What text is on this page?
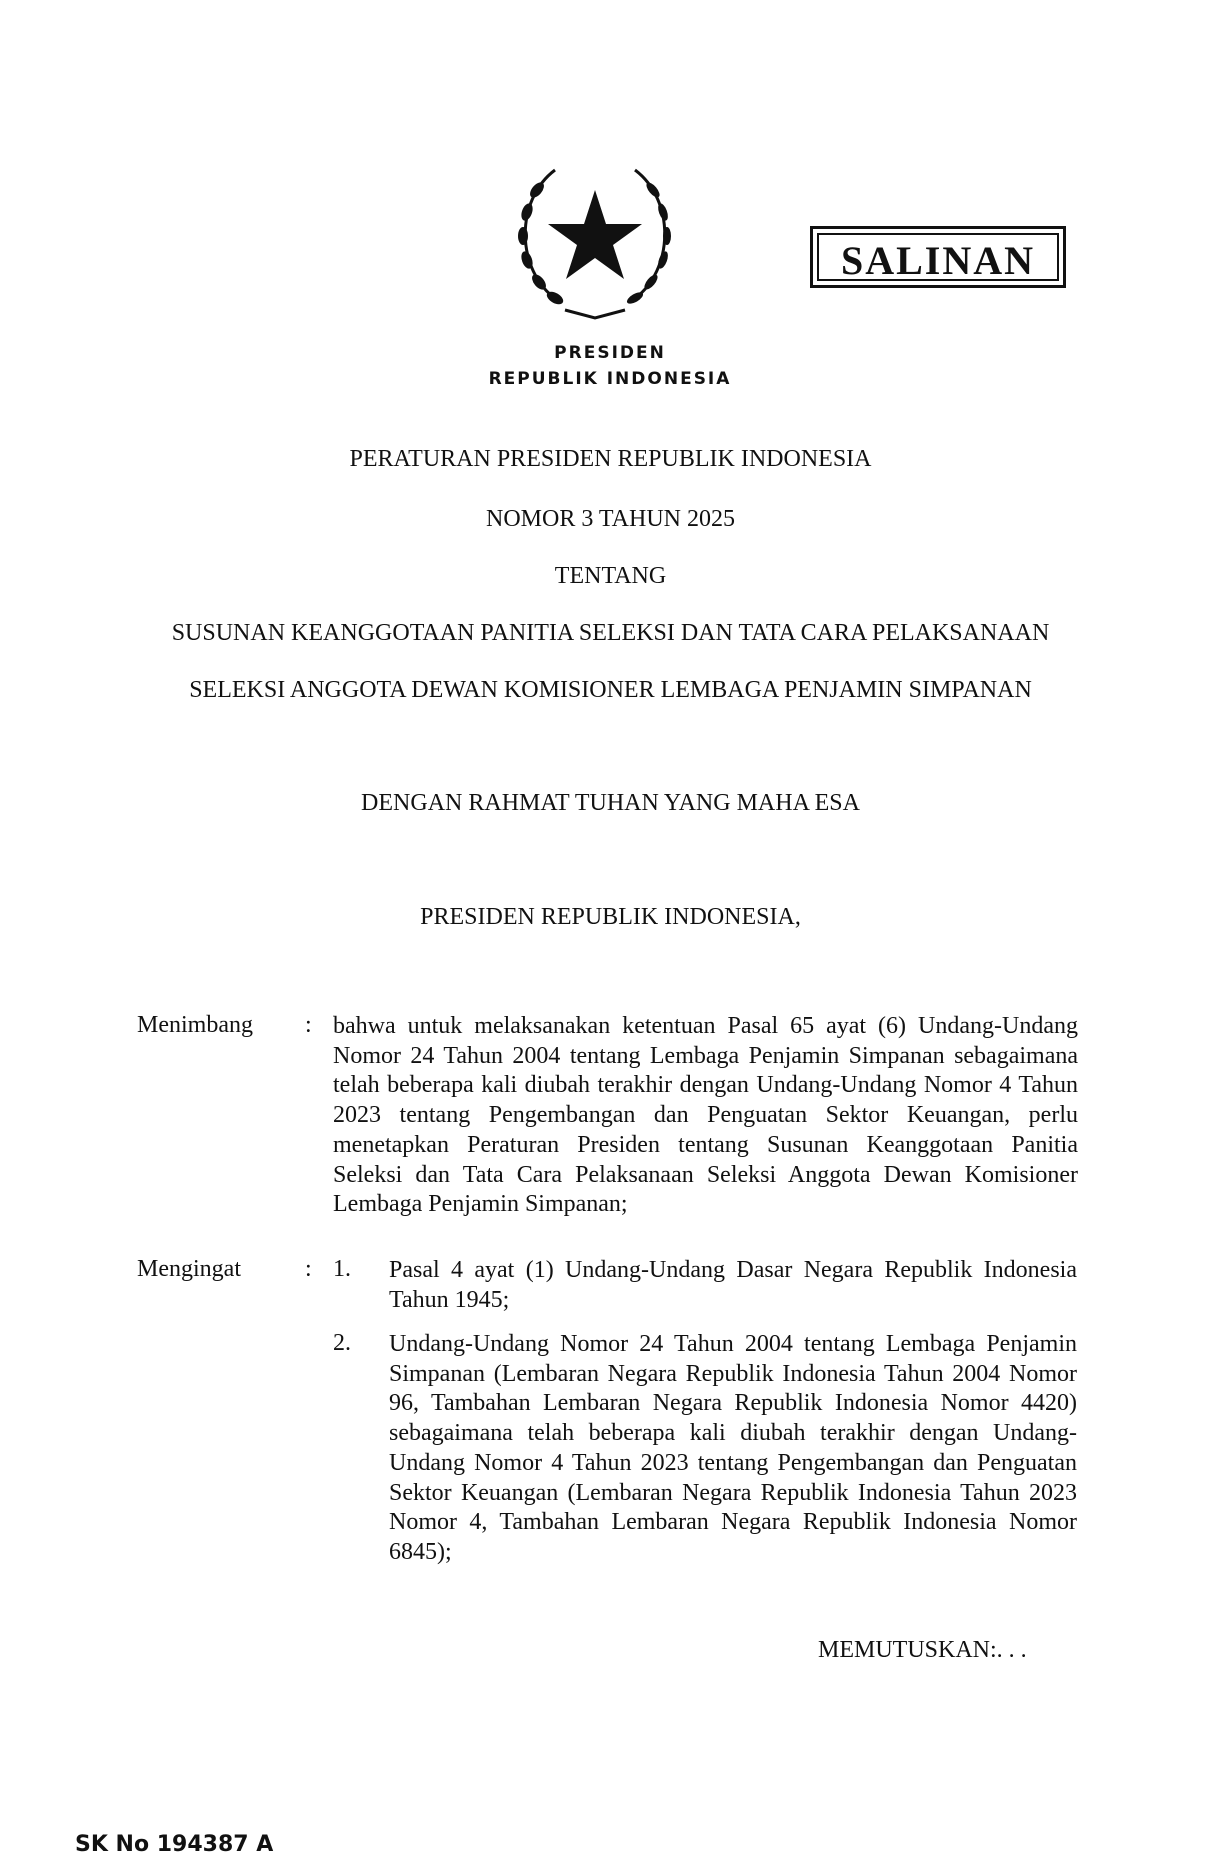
SALINAN
PRESIDEN
REPUBLIK INDONESIA
PERATURAN PRESIDEN REPUBLIK INDONESIA
NOMOR 3 TAHUN 2025
TENTANG
SUSUNAN KEANGGOTAAN PANITIA SELEKSI DAN TATA CARA PELAKSANAAN
SELEKSI ANGGOTA DEWAN KOMISIONER LEMBAGA PENJAMIN SIMPANAN
DENGAN RAHMAT TUHAN YANG MAHA ESA
PRESIDEN REPUBLIK INDONESIA,
Menimbang : bahwa untuk melaksanakan ketentuan Pasal 65 ayat (6) Undang-Undang Nomor 24 Tahun 2004 tentang Lembaga Penjamin Simpanan sebagaimana telah beberapa kali diubah terakhir dengan Undang-Undang Nomor 4 Tahun 2023 tentang Pengembangan dan Penguatan Sektor Keuangan, perlu menetapkan Peraturan Presiden tentang Susunan Keanggotaan Panitia Seleksi dan Tata Cara Pelaksanaan Seleksi Anggota Dewan Komisioner Lembaga Penjamin Simpanan;
Mengingat	: 1. Pasal 4 ayat (1) Undang-Undang Dasar Negara Republik Indonesia Tahun 1945;
2. Undang-Undang Nomor 24 Tahun 2004 tentang Lembaga Penjamin Simpanan (Lembaran Negara Republik Indonesia Tahun 2004 Nomor 96, Tambahan Lembaran Negara Republik Indonesia Nomor 4420) sebagaimana telah beberapa kali diubah terakhir dengan Undang-Undang Nomor 4 Tahun 2023 tentang Pengembangan dan Penguatan Sektor Keuangan (Lembaran Negara Republik Indonesia Tahun 2023 Nomor 4, Tambahan Lembaran Negara Republik Indonesia Nomor 6845);
MEMUTUSKAN:. . .
SK No 194387 A
